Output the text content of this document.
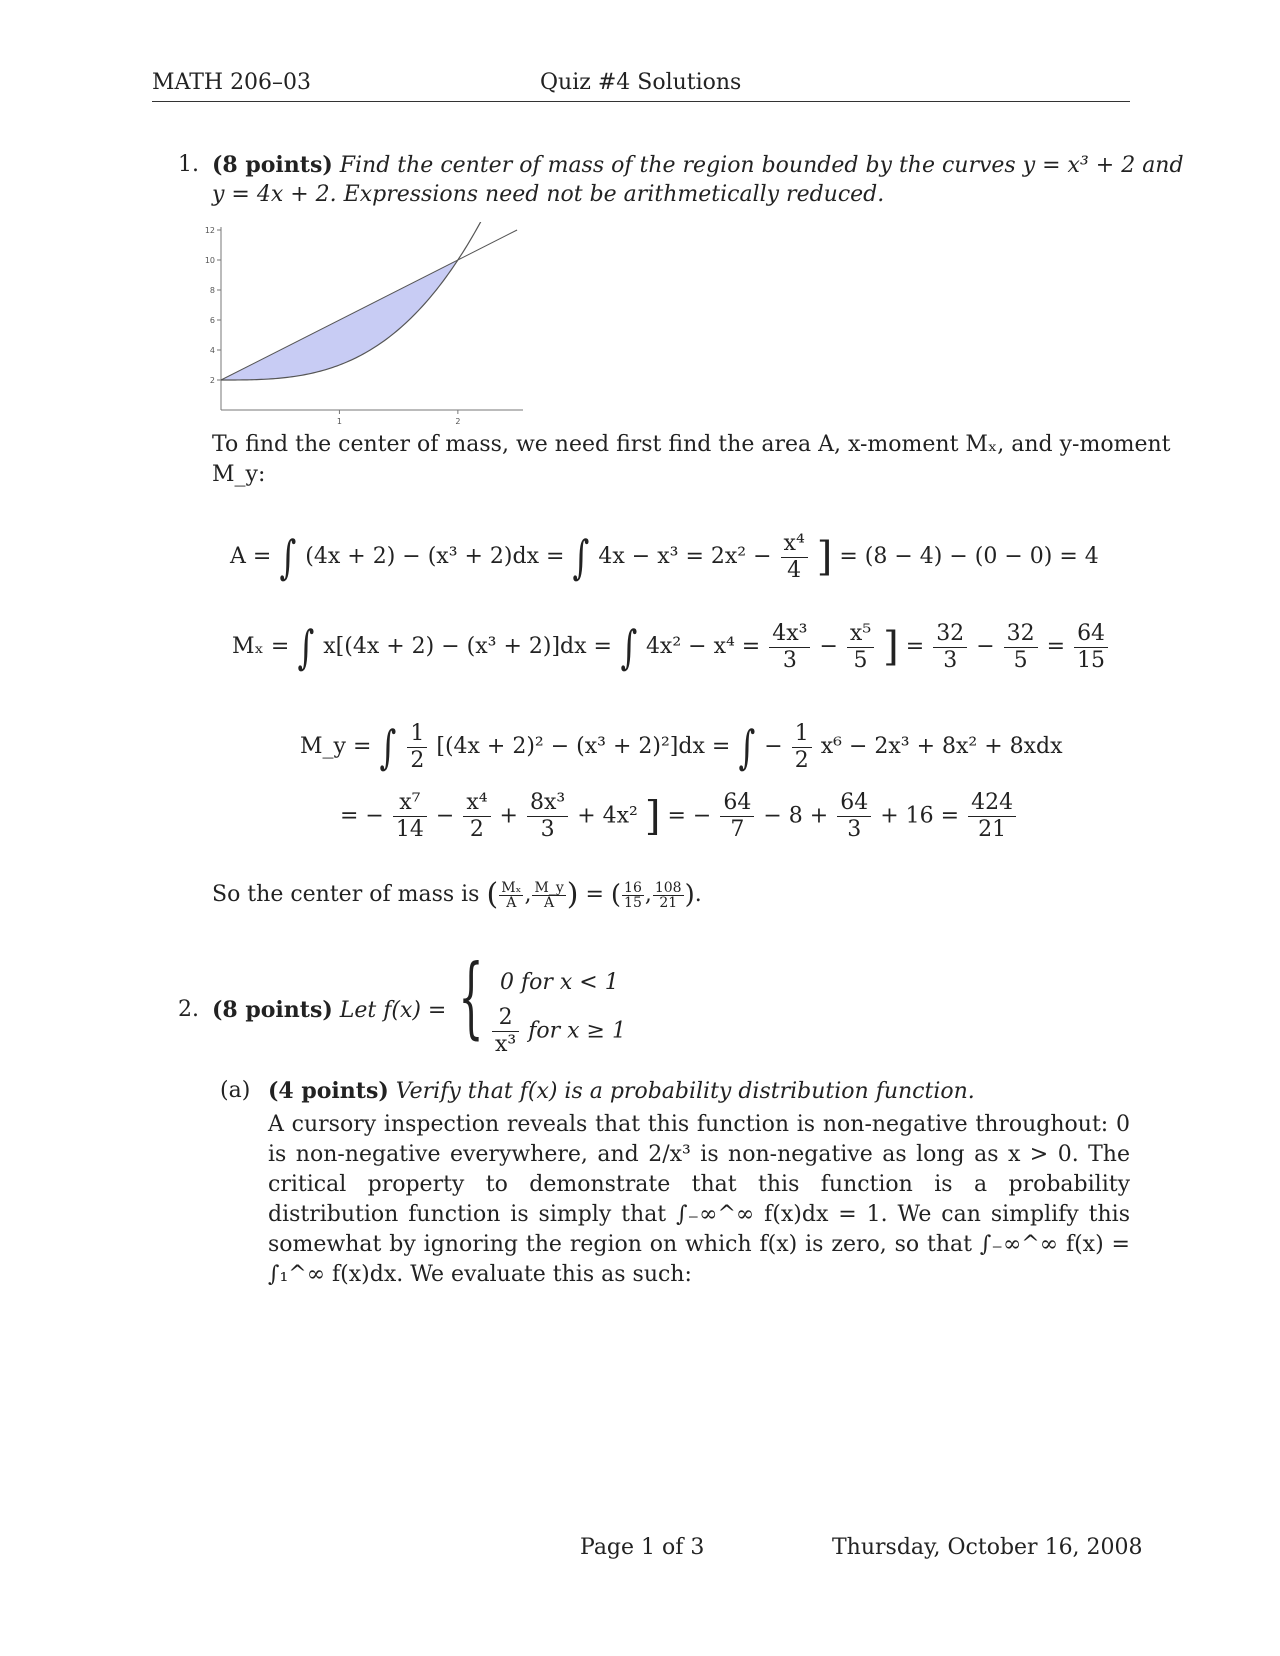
MATH 206–03	Quiz #4 Solutions
1. (8 points) Find the center of mass of the region bounded by the curves y = x³ + 2 and
y = 4x + 2. Expressions need not be arithmetically reduced.
2
4
6
8
10
12
1	2
To find the center of mass, we need first find the area A, x-moment Mₓ, and y-moment
M_y:
A = ∫ (4x + 2) − (x³ + 2)dx = ∫ $4x - x^3 = 2x^2 - \frac{\text{x⁴}}{4}$ ] = (8 − 4) − (0 − 0) = 4
Mₓ = ∫ x[(4x + 2) − (x³ + 2)]dx = ∫ $4x^2 - x^4 = \frac{\text{4x³}}{3} - \frac{\text{x⁵}}{5}$ ] = $\frac{32}{3} - \frac{32}{5} = \frac{64}{15}$
M_y = ∫ $\frac{1}{2} [(4x + 2)^2 - (x^3 + 2)^2]dx$ = ∫ − $\frac{1}{2} x^6 - 2x^3 + 8x^2 + 8xdx$
= − $\frac{\text{x⁷}}{14} - \frac{\text{x⁴}}{2} + \frac{\text{8x³}}{3} + 4x^2$ ] = − $\frac{64}{7} - 8 + \frac{64}{3} + 16 = \frac{424}{21}$
So the center of mass is ( $\frac{\text{Mₓ}}{A}$ , $\frac{M\_y}{A}$ ) = ( $\frac{16}{15}$ , $\frac{108}{21}$ ).
2. (8 points) Let f(x) = { 0 for x < 1
$\frac{2}{\text{x³}}$ for x ≥ 1
(a) (4 points) Verify that f(x) is a probability distribution function.
A cursory inspection reveals that this function is non-negative throughout: 0 is non-negative everywhere, and 2/x³ is non-negative as long as x > 0. The critical property to demonstrate that this function is a probability distribution function is simply that ∫₋∞^∞ f(x)dx = 1. We can simplify this somewhat by ignoring the region on which f(x) is zero, so that ∫₋∞^∞ f(x) = ∫₁^∞ f(x)dx. We evaluate this as such:
Page 1 of 3	Thursday, October 16, 2008
